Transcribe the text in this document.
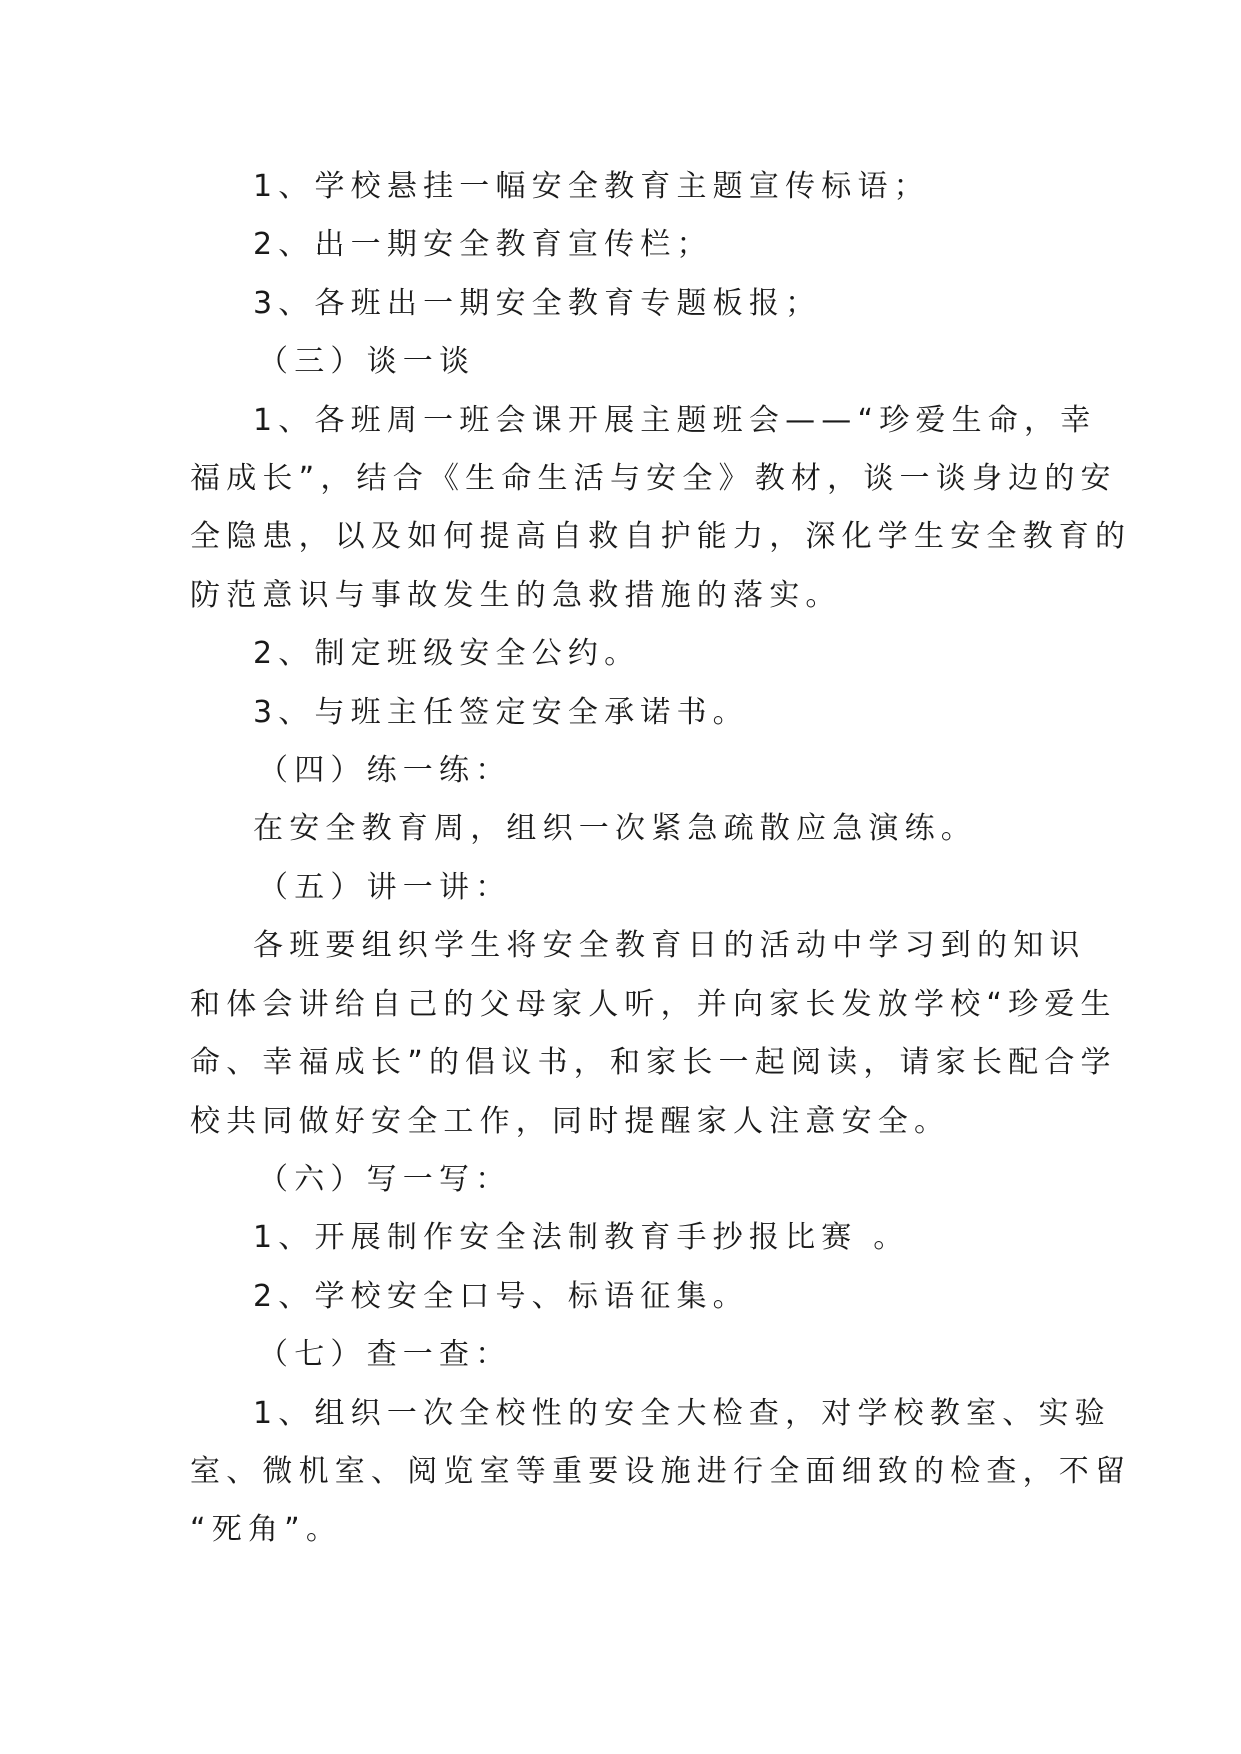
1、学校悬挂一幅安全教育主题宣传标语；

2、出一期安全教育宣传栏；

3、各班出一期安全教育专题板报；

（三）谈一谈

1、各班周一班会课开展主题班会——“珍爱生命，幸

福成长”，结合《生命生活与安全》教材，谈一谈身边的安

全隐患，以及如何提高自救自护能力，深化学生安全教育的

防范意识与事故发生的急救措施的落实。

2、制定班级安全公约。

3、与班主任签定安全承诺书。

（四）练一练：

在安全教育周，组织一次紧急疏散应急演练。

（五）讲一讲：

各班要组织学生将安全教育日的活动中学习到的知识

和体会讲给自己的父母家人听，并向家长发放学校“珍爱生

命、幸福成长”的倡议书，和家长一起阅读，请家长配合学

校共同做好安全工作，同时提醒家人注意安全。

（六）写一写：

1、开展制作安全法制教育手抄报比赛 。

2、学校安全口号、标语征集。

（七）查一查：

1、组织一次全校性的安全大检查，对学校教室、实验

室、微机室、阅览室等重要设施进行全面细致的检查，不留

“死角”。
